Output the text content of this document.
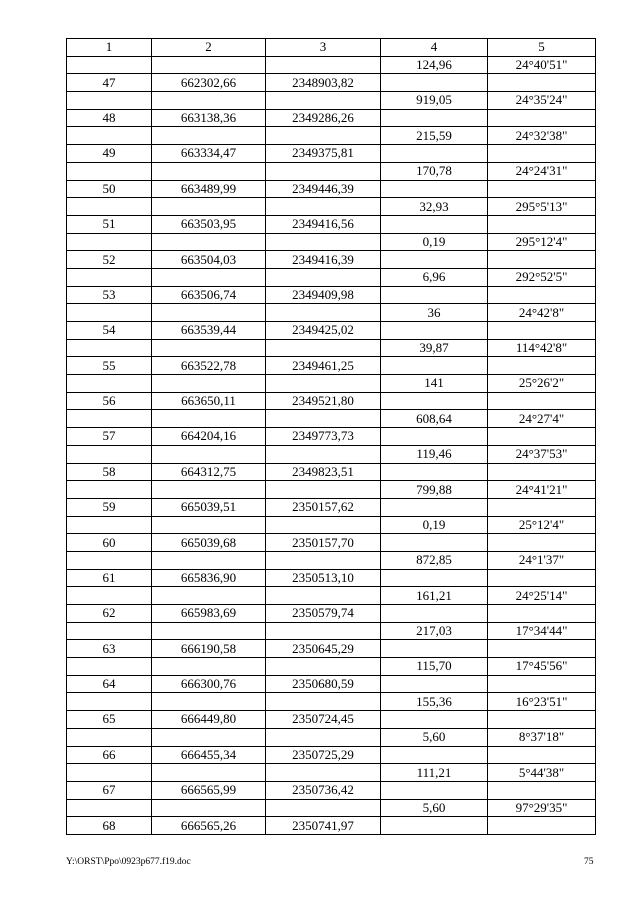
1	2	3	4	5
			124,96	24°40'51"
47	662302,66	2348903,82		
			919,05	24°35'24"
48	663138,36	2349286,26		
			215,59	24°32'38"
49	663334,47	2349375,81		
			170,78	24°24'31"
50	663489,99	2349446,39		
			32,93	295°5'13"
51	663503,95	2349416,56		
			0,19	295°12'4"
52	663504,03	2349416,39		
			6,96	292°52'5"
53	663506,74	2349409,98		
			36	24°42'8"
54	663539,44	2349425,02		
			39,87	114°42'8"
55	663522,78	2349461,25		
			141	25°26'2"
56	663650,11	2349521,80		
			608,64	24°27'4"
57	664204,16	2349773,73		
			119,46	24°37'53"
58	664312,75	2349823,51		
			799,88	24°41'21"
59	665039,51	2350157,62		
			0,19	25°12'4"
60	665039,68	2350157,70		
			872,85	24°1'37"
61	665836,90	2350513,10		
			161,21	24°25'14"
62	665983,69	2350579,74		
			217,03	17°34'44"
63	666190,58	2350645,29		
			115,70	17°45'56"
64	666300,76	2350680,59		
			155,36	16°23'51"
65	666449,80	2350724,45		
			5,60	8°37'18"
66	666455,34	2350725,29		
			111,21	5°44'38"
67	666565,99	2350736,42		
			5,60	97°29'35"
68	666565,26	2350741,97		
Y:\ORST\Ppo\0923p677.f19.doc	75
